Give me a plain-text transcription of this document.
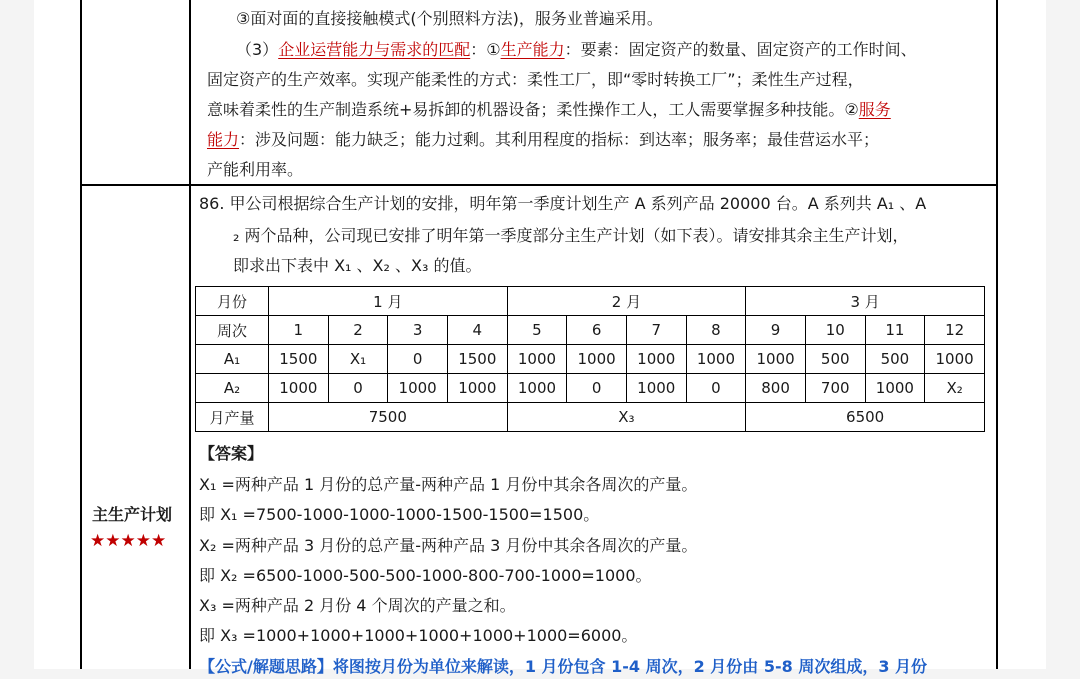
③面对面的直接接触模式(个别照料方法)，服务业普遍采用。
（3）企业运营能力与需求的匹配：①生产能力：要素：固定资产的数量、固定资产的工作时间、
固定资产的生产效率。实现产能柔性的方式：柔性工厂，即“零时转换工厂”；柔性生产过程，
意味着柔性的生产制造系统+易拆卸的机器设备；柔性操作工人，工人需要掌握多种技能。②服务
能力：涉及问题：能力缺乏；能力过剩。其利用程度的指标：到达率；服务率；最佳营运水平；
产能利用率。
主生产计划
★★★★★
86. 甲公司根据综合生产计划的安排，明年第一季度计划生产 A 系列产品 20000 台。A 系列共 A₁ 、A
₂ 两个品种，公司现已安排了明年第一季度部分主生产计划（如下表）。请安排其余主生产计划，
即求出下表中 X₁ 、X₂ 、X₃ 的值。
月份	1 月				2 月				3 月			
周次	1	2	3	4	5	6	7	8	9	10	11	12
A₁	1500	X₁	0	1500	1000	1000	1000	1000	1000	500	500	1000
A₂	1000	0	1000	1000	1000	0	1000	0	800	700	1000	X₂
月产量	7500				X₃				6500			
【答案】
X₁ =两种产品 1 月份的总产量-两种产品 1 月份中其余各周次的产量。
即 X₁ =7500-1000-1000-1000-1500-1500=1500。
X₂ =两种产品 3 月份的总产量-两种产品 3 月份中其余各周次的产量。
即 X₂ =6500-1000-500-500-1000-800-700-1000=1000。
X₃ =两种产品 2 月份 4 个周次的产量之和。
即 X₃ =1000+1000+1000+1000+1000+1000=6000。
【公式/解题思路】将图按月份为单位来解读，1 月份包含 1-4 周次，2 月份由 5-8 周次组成，3 月份
